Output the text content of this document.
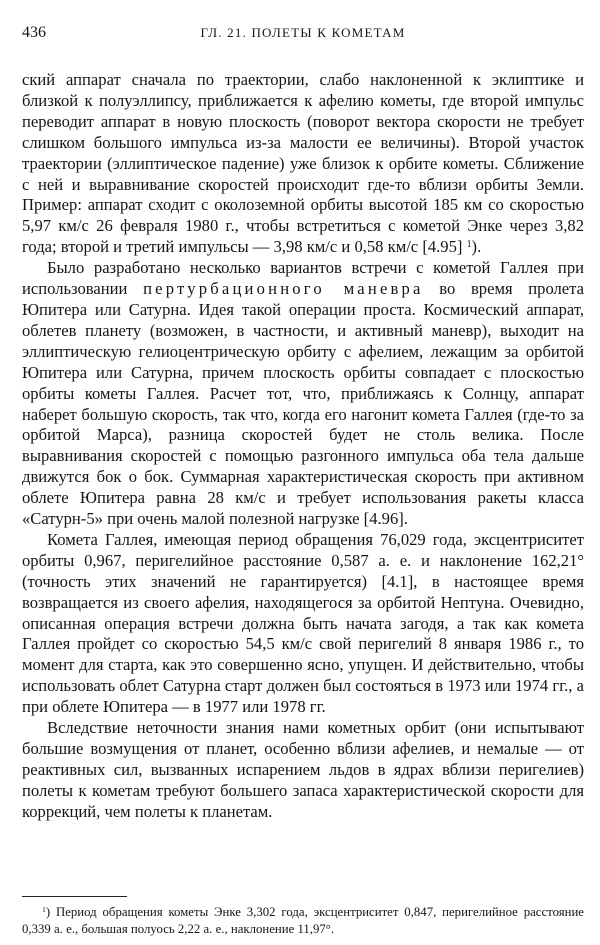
436	ГЛ. 21. ПОЛЕТЫ К КОМЕТАМ

ский аппарат сначала по траектории, слабо наклоненной к эклиптике и близкой к полуэллипсу, приближается к афелию кометы, где второй импульс переводит аппарат в новую плоскость (поворот вектора скорости не требует слишком большого импульса из-за малости ее величины). Второй участок траектории (эллиптическое падение) уже близок к орбите кометы. Сближение с ней и выравнивание скоростей происходит где-то вблизи орбиты Земли. Пример: аппарат сходит с околоземной орбиты высотой 185 км со скоростью 5,97 км/с 26 февраля 1980 г., чтобы встретиться с кометой Энке через 3,82 года; второй и третий импульсы — 3,98 км/с и 0,58 км/с [4.95] $^1$).

Было разработано несколько вариантов встречи с кометой Галлея при использовании пертурбационного маневра во время пролета Юпитера или Сатурна. Идея такой операции проста. Космический аппарат, облетев планету (возможен, в частности, и активный маневр), выходит на эллиптическую гелиоцентрическую орбиту с афелием, лежащим за орбитой Юпитера или Сатурна, причем плоскость орбиты совпадает с плоскостью орбиты кометы Галлея. Расчет тот, что, приближаясь к Солнцу, аппарат наберет большую скорость, так что, когда его нагонит комета Галлея (где-то за орбитой Марса), разница скоростей будет не столь велика. После выравнивания скоростей с помощью разгонного импульса оба тела дальше движутся бок о бок. Суммарная характеристическая скорость при активном облете Юпитера равна 28 км/с и требует использования ракеты класса «Сатурн-5» при очень малой полезной нагрузке [4.96].

Комета Галлея, имеющая период обращения 76,029 года, эксцентриситет орбиты 0,967, перигелийное расстояние 0,587 а. е. и наклонение 162,21° (точность этих значений не гарантируется) [4.1], в настоящее время возвращается из своего афелия, находящегося за орбитой Нептуна. Очевидно, описанная операция встречи должна быть начата загодя, а так как комета Галлея пройдет со скоростью 54,5 км/с свой перигелий 8 января 1986 г., то момент для старта, как это совершенно ясно, упущен. И действительно, чтобы использовать облет Сатурна старт должен был состояться в 1973 или 1974 гг., а при облете Юпитера — в 1977 или 1978 гг.

Вследствие неточности знания нами кометных орбит (они испытывают большие возмущения от планет, особенно вблизи афелиев, и немалые — от реактивных сил, вызванных испарением льдов в ядрах вблизи перигелиев) полеты к кометам требуют большего запаса характеристической скорости для коррекций, чем полеты к планетам.

$^1$) Период обращения кометы Энке 3,302 года, эксцентриситет 0,847, перигелийное расстояние 0,339 а. е., большая полуось 2,22 а. е., наклонение 11,97°.
